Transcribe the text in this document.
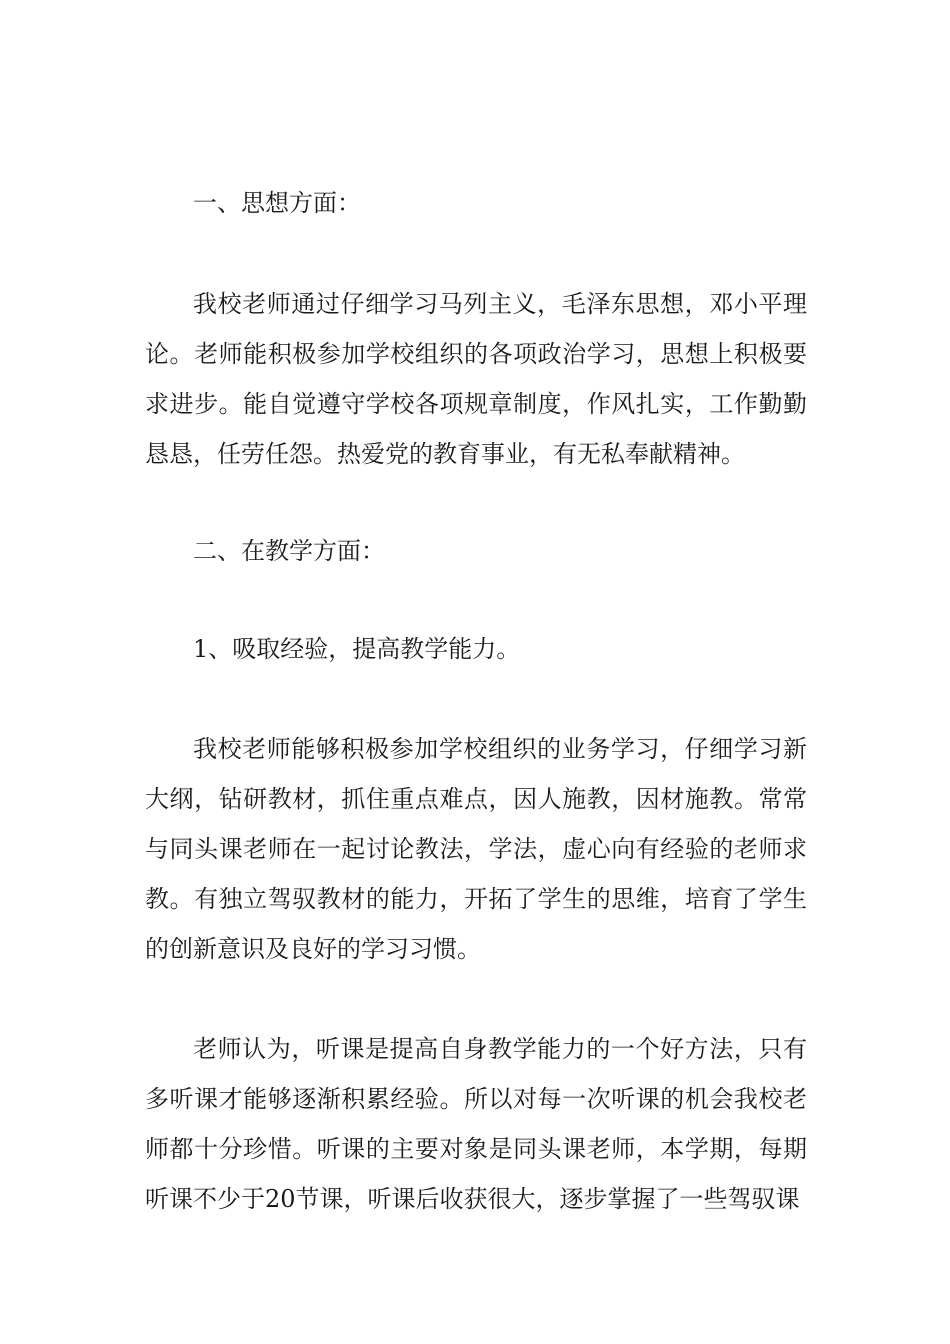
一、思想方面：

我校老师通过仔细学习马列主义，毛泽东思想，邓小平理论。老师能积极参加学校组织的各项政治学习，思想上积极要求进步。能自觉遵守学校各项规章制度，作风扎实，工作勤勤恳恳，任劳任怨。热爱党的教育事业，有无私奉献精神。

二、在教学方面：

1、吸取经验，提高教学能力。

我校老师能够积极参加学校组织的业务学习，仔细学习新大纲，钻研教材，抓住重点难点，因人施教，因材施教。常常与同头课老师在一起讨论教法，学法，虚心向有经验的老师求教。有独立驾驭教材的能力，开拓了学生的思维，培育了学生的创新意识及良好的学习习惯。

老师认为，听课是提高自身教学能力的一个好方法，只有多听课才能够逐渐积累经验。所以对每一次听课的机会我校老师都十分珍惜。听课的主要对象是同头课老师，本学期，每期听课不少于20节课，听课后收获很大，逐步掌握了一些驾驭课
